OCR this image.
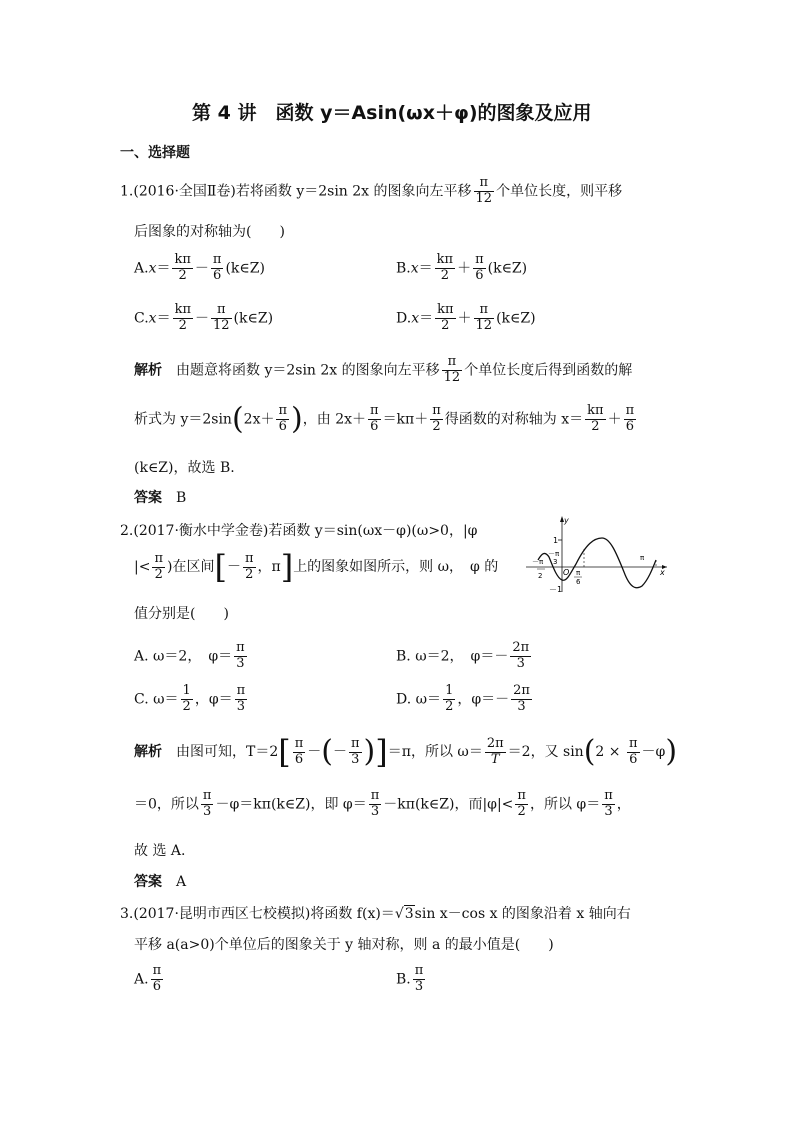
第 4 讲　函数 y＝Asin(ωx＋φ)的图象及应用
一、选择题
1.(2016·全国Ⅱ卷)若将函数 y＝2sin 2x 的图象向左平移 $\frac{\pi}{12}$ 个单位长度，则平移
后图象的对称轴为(　　)
$A.x= \frac{k\pi}{2} - \frac{\pi}{6}$ (k∈Z)	$B.x= \frac{k\pi}{2} + \frac{\pi}{6}$ (k∈Z)
$C.x= \frac{k\pi}{2} - \frac{\pi}{12}$ (k∈Z)	$D.x= \frac{k\pi}{2} + \frac{\pi}{12}$ (k∈Z)
解析　 由题意将函数 y＝2sin 2x 的图象向左平移 $\frac{\pi}{12}$ 个单位长度后得到函数的解
析式为 $y=2\sin(2x+ \frac{\pi}{6}$ )，由 $2x+ \frac{\pi}{6} =k\pi+ \frac{\pi}{2}$ 得函数的对称轴为 $x= \frac{k\pi}{2} + \frac{\pi}{6}$
(k∈Z)，故选 B.
答案　 B
2.(2017·衡水中学金卷)若函数 y＝sin(ωx－φ)(ω>0，|φ
|< $\frac{\pi}{2}$ )在区间[－ $\frac{\pi}{2}$ ，π]上的图象如图所示，则 ω，　φ 的
值分别是(　　)
y
x
1
－1
O
－π
2
－π
3
π
6
π
A. ω＝2，　 $\varphi= \frac{\pi}{3}$	B. ω＝2，　 $\varphi=- \frac{2\pi}{3}$
C. $\omega= \frac{1}{2}$ ，$\varphi= \frac{\pi}{3}$	D. $\omega= \frac{1}{2}$ ，$\varphi=- \frac{2\pi}{3}$
解析　 由图可知，$T=2[ \frac{\pi}{6}$ －(－ $\frac{\pi}{3} )]=\pi$，所以 $\omega= \frac{2\pi}{T} =2$，又 $\sin(2 \times \frac{\pi}{6} -\varphi)$
＝0，所以 $\frac{\pi}{3}$ －φ＝kπ(k∈Z)，即 $\varphi= \frac{\pi}{3}$ －kπ(k∈Z)，而$|\varphi|< \frac{\pi}{2}$ ，所以 $\varphi= \frac{\pi}{3}$ ，
故 选 A.
答案　 A
3.(2017·昆明市西区七校模拟)将函数 f(x)＝√3sin x－cos x 的图象沿着 x 轴向右
平移 a(a>0)个单位后的图象关于 y 轴对称，则 a 的最小值是(　　)
A. $\frac{\pi}{6}$	B. $\frac{\pi}{3}$
